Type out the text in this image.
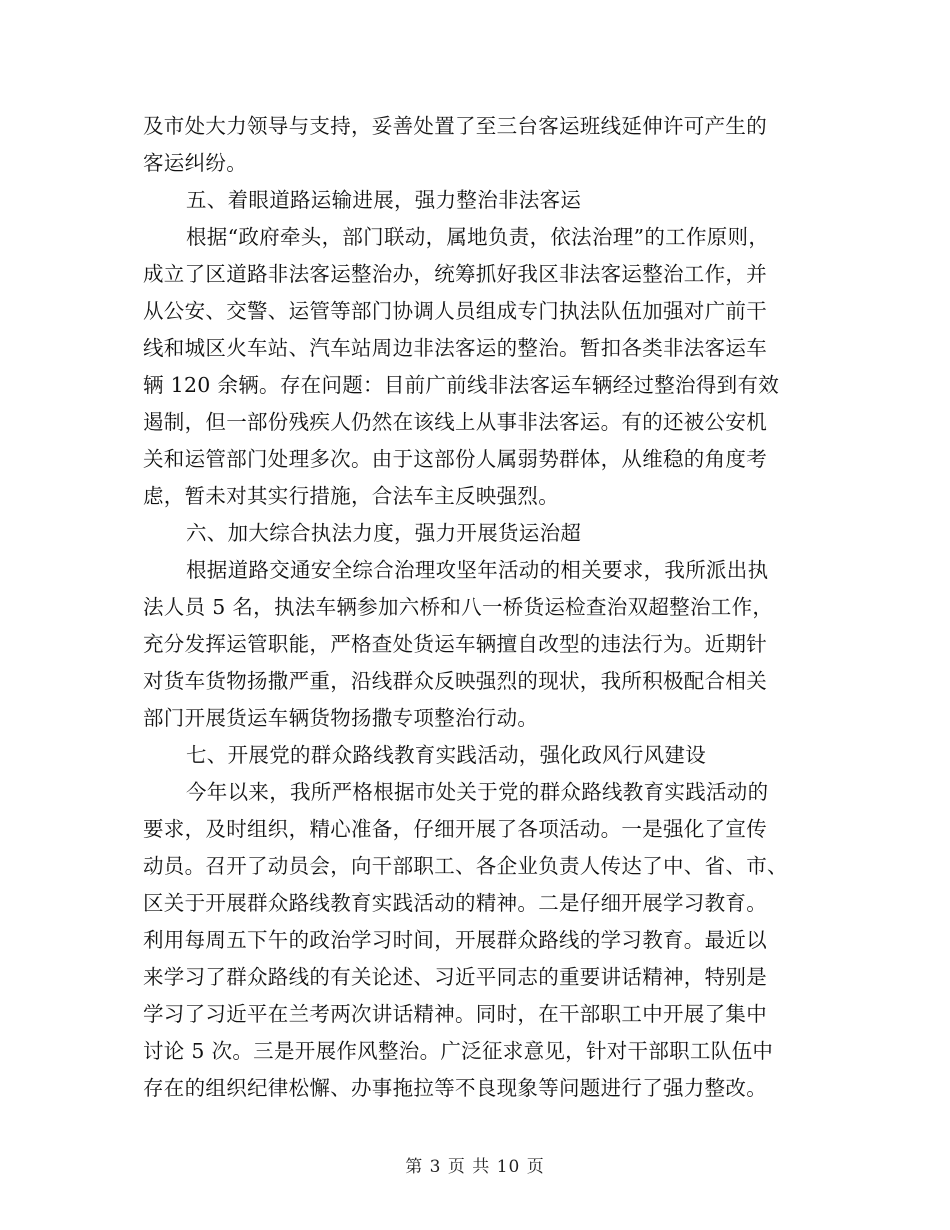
及市处大力领导与支持，妥善处置了至三台客运班线延伸许可产生的
客运纠纷。
五、着眼道路运输进展，强力整治非法客运
根据“政府牵头，部门联动，属地负责，依法治理”的工作原则，
成立了区道路非法客运整治办，统筹抓好我区非法客运整治工作，并
从公安、交警、运管等部门协调人员组成专门执法队伍加强对广前干
线和城区火车站、汽车站周边非法客运的整治。暂扣各类非法客运车
辆 120 余辆。存在问题：目前广前线非法客运车辆经过整治得到有效
遏制，但一部份残疾人仍然在该线上从事非法客运。有的还被公安机
关和运管部门处理多次。由于这部份人属弱势群体，从维稳的角度考
虑，暂未对其实行措施，合法车主反映强烈。
六、加大综合执法力度，强力开展货运治超
根据道路交通安全综合治理攻坚年活动的相关要求，我所派出执
法人员 5 名，执法车辆参加六桥和八一桥货运检查治双超整治工作，
充分发挥运管职能，严格查处货运车辆擅自改型的违法行为。近期针
对货车货物扬撒严重，沿线群众反映强烈的现状，我所积极配合相关
部门开展货运车辆货物扬撒专项整治行动。
七、开展党的群众路线教育实践活动，强化政风行风建设
今年以来，我所严格根据市处关于党的群众路线教育实践活动的
要求，及时组织，精心准备，仔细开展了各项活动。一是强化了宣传
动员。召开了动员会，向干部职工、各企业负责人传达了中、省、市、
区关于开展群众路线教育实践活动的精神。二是仔细开展学习教育。
利用每周五下午的政治学习时间，开展群众路线的学习教育。最近以
来学习了群众路线的有关论述、习近平同志的重要讲话精神，特别是
学习了习近平在兰考两次讲话精神。同时，在干部职工中开展了集中
讨论 5 次。三是开展作风整治。广泛征求意见，针对干部职工队伍中
存在的组织纪律松懈、办事拖拉等不良现象等问题进行了强力整改。
第 3 页 共 10 页
